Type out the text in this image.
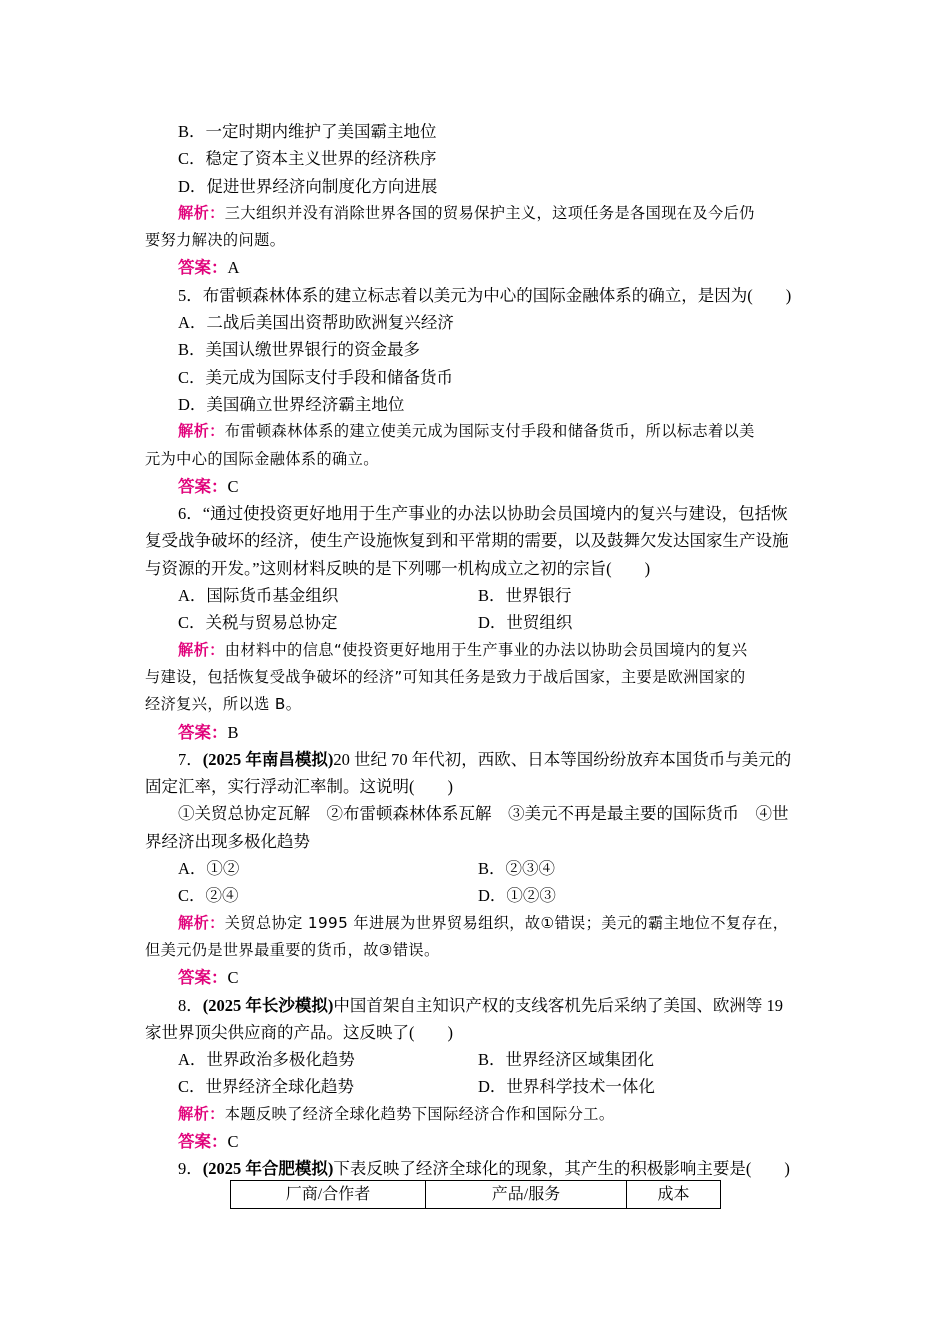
B．一定时期内维护了美国霸主地位
C．稳定了资本主义世界的经济秩序
D．促进世界经济向制度化方向进展
解析：三大组织并没有消除世界各国的贸易保护主义，这项任务是各国现在及今后仍
要努力解决的问题。
答案：A
5．布雷顿森林体系的建立标志着以美元为中心的国际金融体系的确立，是因为(　　)
A．二战后美国出资帮助欧洲复兴经济
B．美国认缴世界银行的资金最多
C．美元成为国际支付手段和储备货币
D．美国确立世界经济霸主地位
解析：布雷顿森林体系的建立使美元成为国际支付手段和储备货币，所以标志着以美
元为中心的国际金融体系的确立。
答案：C
6．“通过使投资更好地用于生产事业的办法以协助会员国境内的复兴与建设，包括恢
复受战争破坏的经济，使生产设施恢复到和平常期的需要，以及鼓舞欠发达国家生产设施
与资源的开发。”这则材料反映的是下列哪一机构成立之初的宗旨(　　)
A．国际货币基金组织	B．世界银行
C．关税与贸易总协定	D．世贸组织
解析：由材料中的信息“使投资更好地用于生产事业的办法以协助会员国境内的复兴
与建设，包括恢复受战争破坏的经济”可知其任务是致力于战后国家，主要是欧洲国家的
经济复兴，所以选 B。
答案：B
7．(2025 年南昌模拟)20 世纪 70 年代初，西欧、日本等国纷纷放弃本国货币与美元的
固定汇率，实行浮动汇率制。这说明(　　)
①关贸总协定瓦解　②布雷顿森林体系瓦解　③美元不再是最主要的国际货币　④世
界经济出现多极化趋势
A．①②	B．②③④
C．②④	D．①②③
解析：关贸总协定 1995 年进展为世界贸易组织，故①错误；美元的霸主地位不复存在，
但美元仍是世界最重要的货币，故③错误。
答案：C
8．(2025 年长沙模拟)中国首架自主知识产权的支线客机先后采纳了美国、欧洲等 19
家世界顶尖供应商的产品。这反映了(　　)
A．世界政治多极化趋势	B．世界经济区域集团化
C．世界经济全球化趋势	D．世界科学技术一体化
解析：本题反映了经济全球化趋势下国际经济合作和国际分工。
答案：C
9．(2025 年合肥模拟)下表反映了经济全球化的现象，其产生的积极影响主要是(　　)
厂商/合作者	产品/服务	成本
